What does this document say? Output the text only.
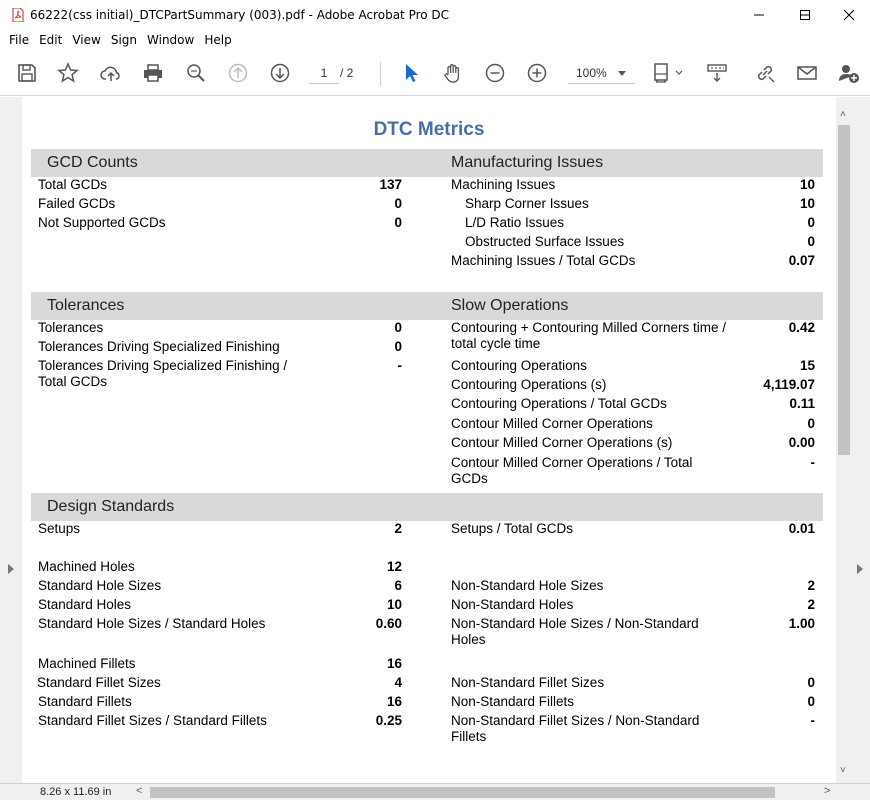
66222(css initial)_DTCPartSummary (003).pdf - Adobe Acrobat Pro DC
File Edit View Sign Window Help
1	/ 2	100%
DTC Metrics
GCD Counts	Manufacturing Issues
Total GCDs	137
Failed GCDs	0
Not Supported GCDs	0
Machining Issues	10
Sharp Corner Issues	10
L/D Ratio Issues	0
Obstructed Surface Issues	0
Machining Issues / Total GCDs	0.07
Tolerances	Slow Operations
Tolerances	0
Tolerances Driving Specialized Finishing	0
Tolerances Driving Specialized Finishing /	-
Total GCDs
Contouring + Contouring Milled Corners time /	0.42
total cycle time
Contouring Operations	15
Contouring Operations (s)	4,119.07
Contouring Operations / Total GCDs	0.11
Contour Milled Corner Operations	0
Contour Milled Corner Operations (s)	0.00
Contour Milled Corner Operations / Total	-
GCDs
Design Standards
Setups	2
Machined Holes	12
Standard Hole Sizes	6
Standard Holes	10
Standard Hole Sizes / Standard Holes	0.60
Machined Fillets	16
Standard Fillet Sizes	4
Standard Fillets	16
Standard Fillet Sizes / Standard Fillets	0.25
Setups / Total GCDs	0.01
Non-Standard Hole Sizes	2
Non-Standard Holes	2
Non-Standard Hole Sizes / Non-Standard	1.00
Holes
Non-Standard Fillet Sizes	0
Non-Standard Fillets	0
Non-Standard Fillet Sizes / Non-Standard	-
Fillets
˄
˅
8.26 x 11.69 in <	>
